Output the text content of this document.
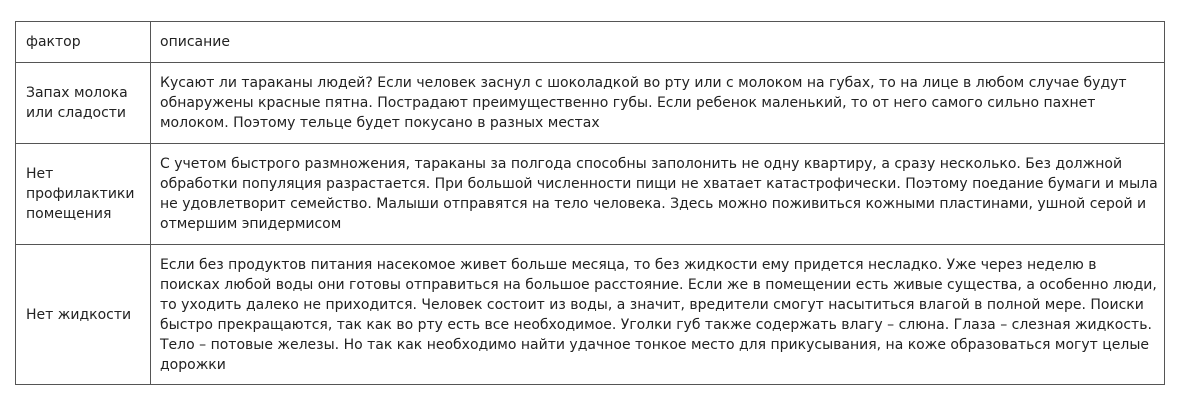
фактор	описание
Запах молока или сладости	Кусают ли тараканы людей? Если человек заснул с шоколадкой во рту или с молоком на губах, то на лице в любом случае будут обнаружены красные пятна. Пострадают преимущественно губы. Если ребенок маленький, то от него самого сильно пахнет молоком. Поэтому тельце будет покусано в разных местах
Нет профилактики помещения	С учетом быстрого размножения, тараканы за полгода способны заполонить не одну квартиру, а сразу несколько. Без должной обработки популяция разрастается. При большой численности пищи не хватает катастрофически. Поэтому поедание бумаги и мыла не удовлетворит семейство. Малыши отправятся на тело человека. Здесь можно поживиться кожными пластинами, ушной серой и отмершим эпидермисом
Нет жидкости	Если без продуктов питания насекомое живет больше месяца, то без жидкости ему придется несладко. Уже через неделю в поисках любой воды они готовы отправиться на большое расстояние. Если же в помещении есть живые существа, а особенно люди, то уходить далеко не приходится. Человек состоит из воды, а значит, вредители смогут насытиться влагой в полной мере. Поиски быстро прекращаются, так как во рту есть все необходимое. Уголки губ также содержать влагу – слюна. Глаза – слезная жидкость. Тело – потовые железы. Но так как необходимо найти удачное тонкое место для прикусывания, на коже образоваться могут целые дорожки
